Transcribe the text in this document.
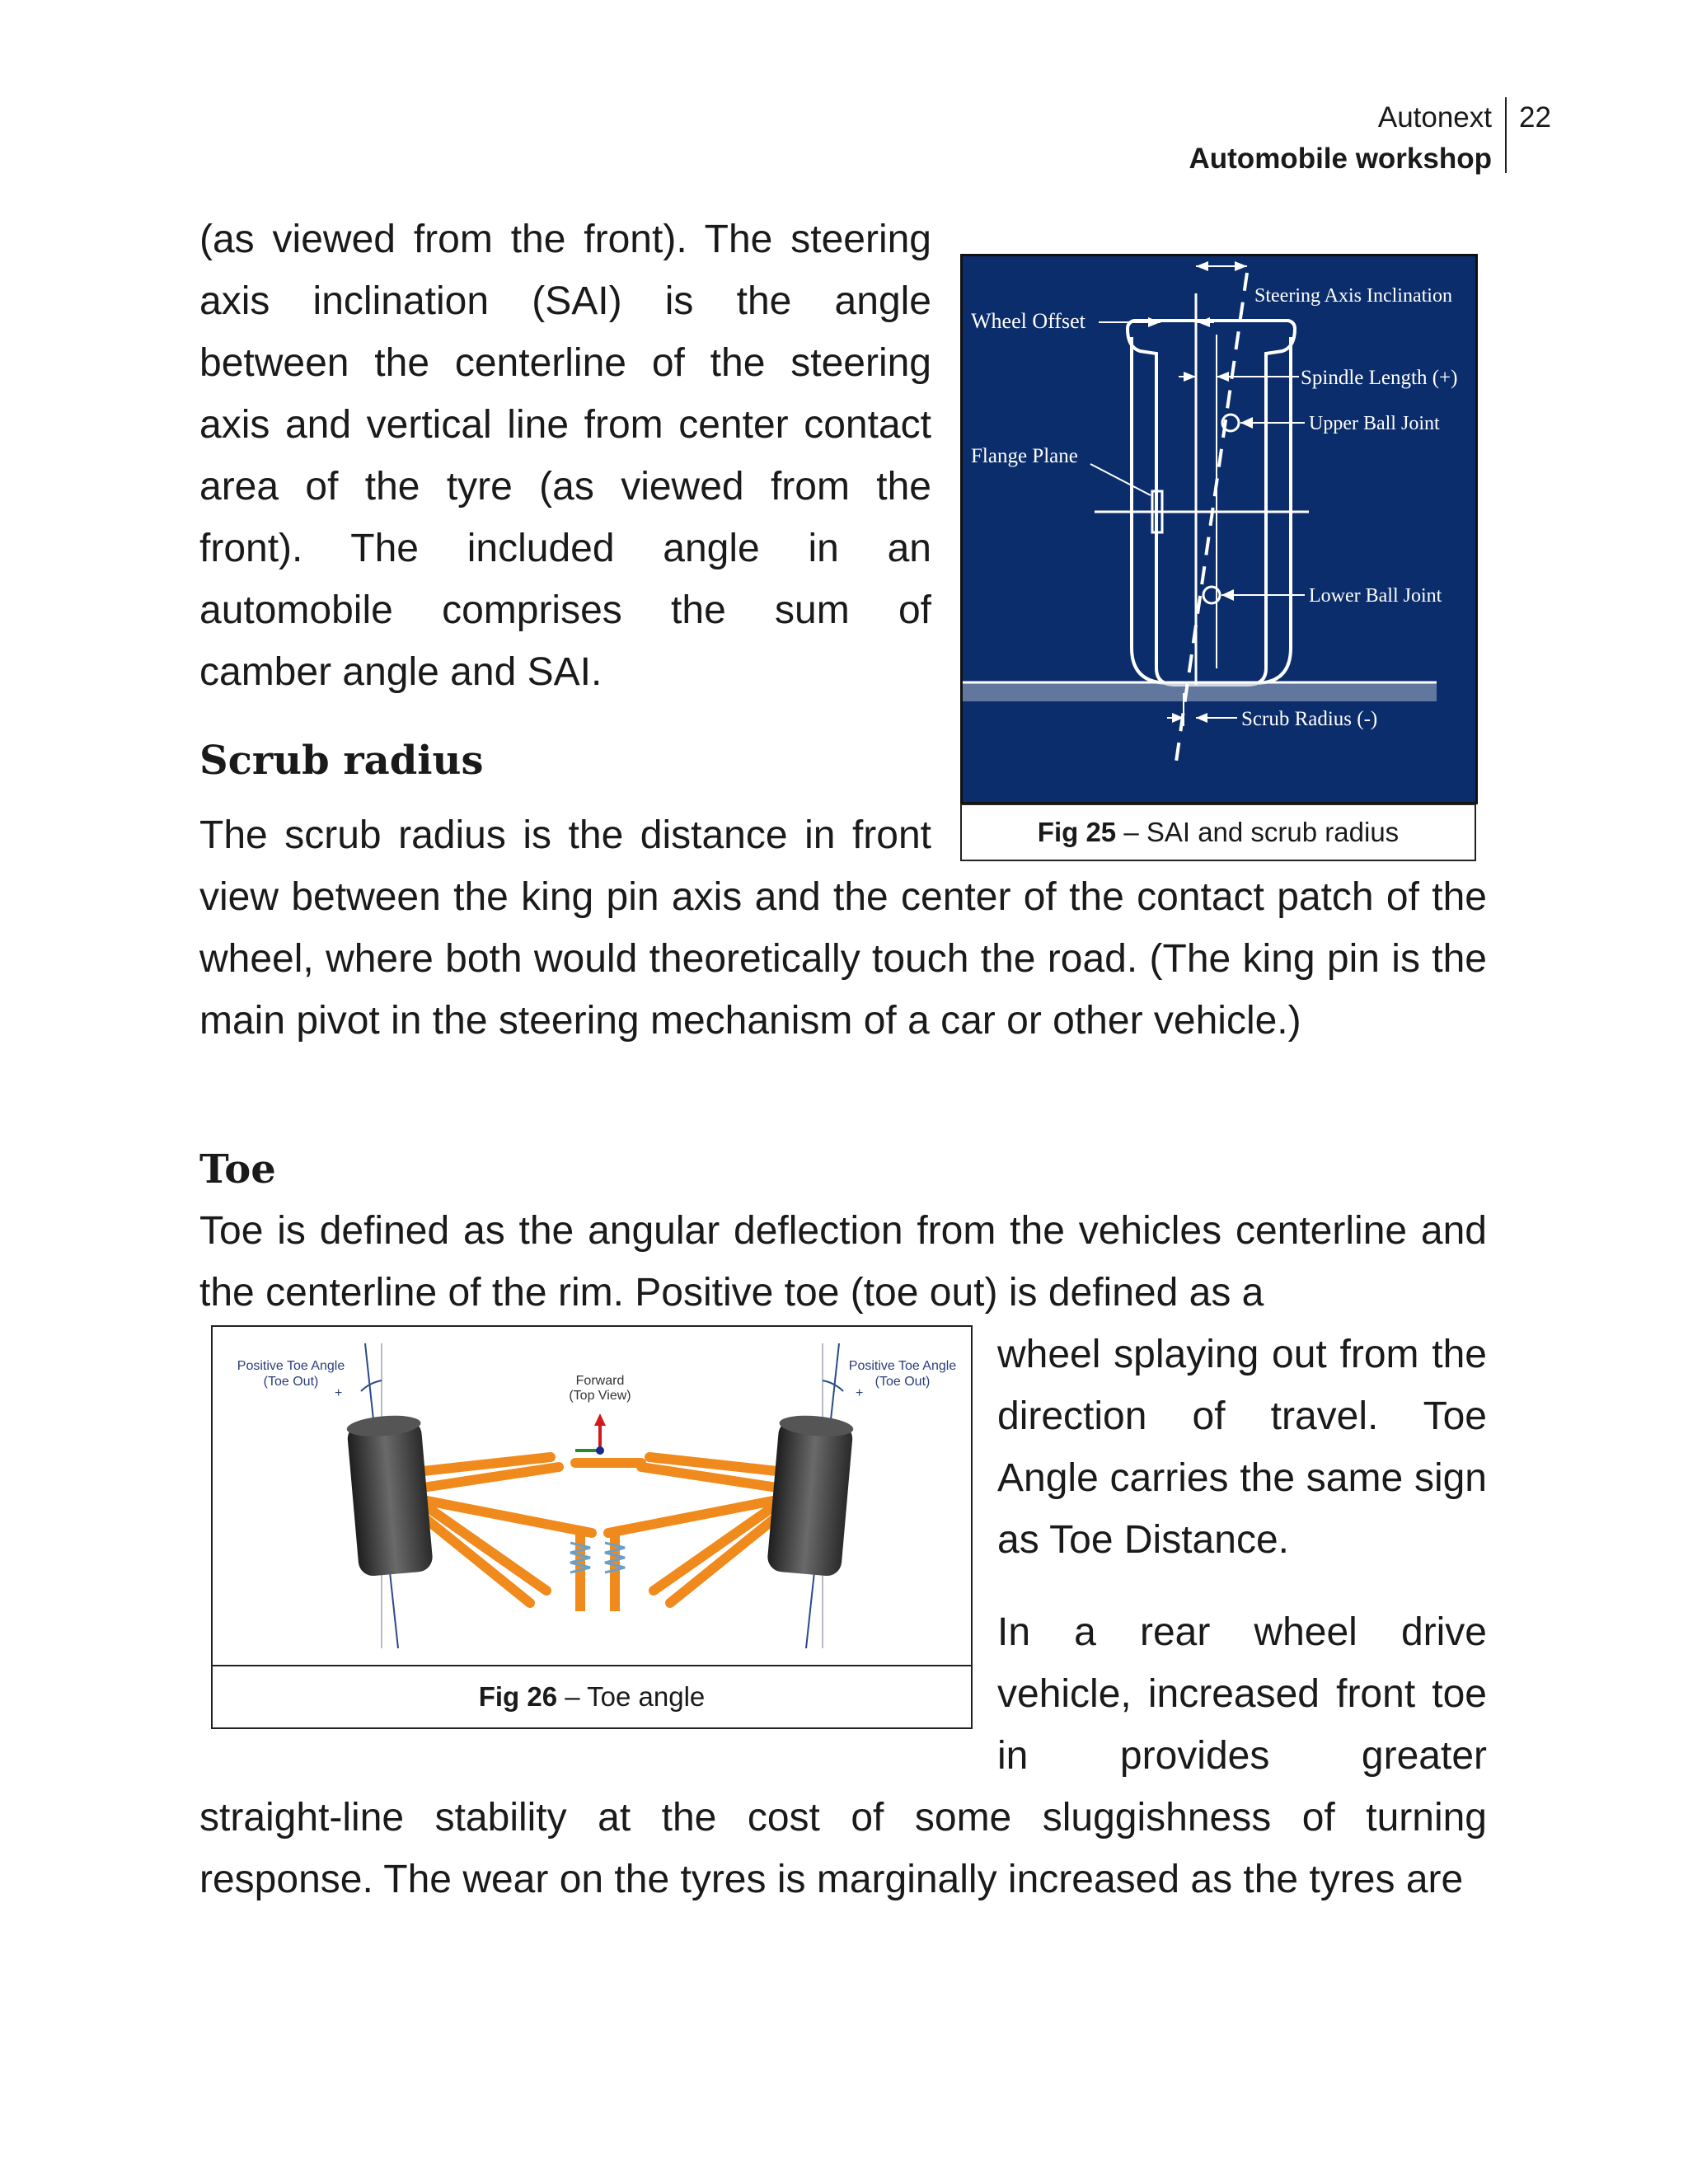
Autonext
Automobile workshop
22
(as viewed from the front). The steering
axis inclination (SAI) is the angle
between the centerline of the steering
axis and vertical line from center contact
area of the tyre (as viewed from the
front). The included angle in an
automobile comprises the sum of
camber angle and SAI.
Scrub radius
The scrub radius is the distance in front
view between the king pin axis and the center of the contact patch of the wheel, where both would theoretically touch the road. (The king pin is the main pivot in the steering mechanism of a car or other vehicle.)
Toe
Toe is defined as the angular deflection from the vehicles centerline and the centerline of the rim. Positive toe (toe out) is defined as a
wheel splaying out from the direction of travel. Toe Angle carries the same sign as Toe Distance.
In a rear wheel drive vehicle, increased front toe in provides greater
straight-line stability at the cost of some sluggishness of turning response. The wear on the tyres is marginally increased as the tyres are
Steering Axis Inclination
Wheel Offset
Spindle Length (+)
Upper Ball Joint
Flange Plane
Lower Ball Joint
Scrub Radius (-)
Fig 25 – SAI and scrub radius
Positive Toe Angle
(Toe Out)
+
Positive Toe Angle
(Toe Out)
+
Forward
(Top View)
Fig 26 – Toe angle
